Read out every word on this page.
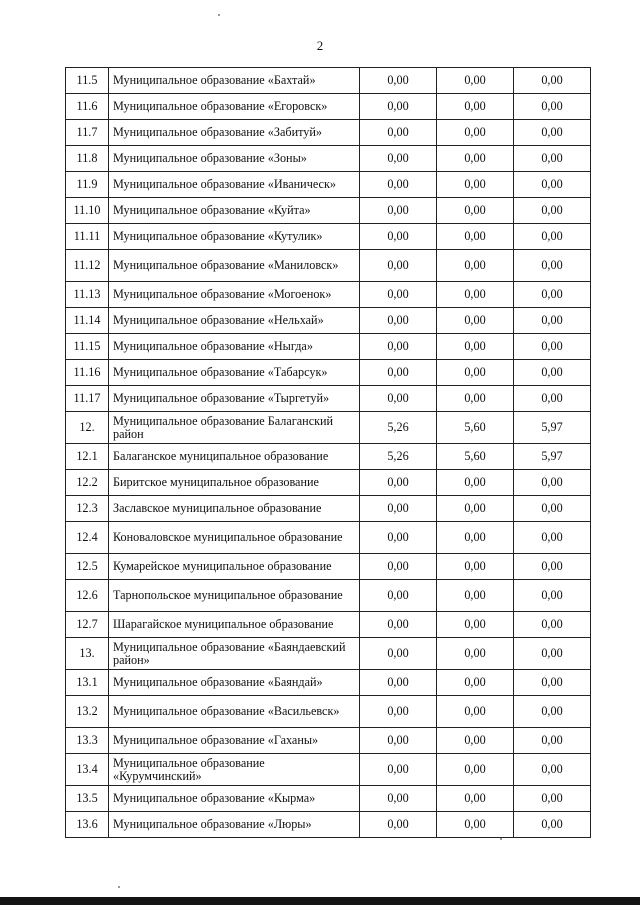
2
11.5	Муниципальное образование «Бахтай»	0,00	0,00	0,00
11.6	Муниципальное образование «Егоровск»	0,00	0,00	0,00
11.7	Муниципальное образование «Забитуй»	0,00	0,00	0,00
11.8	Муниципальное образование «Зоны»	0,00	0,00	0,00
11.9	Муниципальное образование «Иваническ»	0,00	0,00	0,00
11.10	Муниципальное образование «Куйта»	0,00	0,00	0,00
11.11	Муниципальное образование «Кутулик»	0,00	0,00	0,00
11.12	Муниципальное образование «Маниловск»	0,00	0,00	0,00
11.13	Муниципальное образование «Могоенок»	0,00	0,00	0,00
11.14	Муниципальное образование «Нельхай»	0,00	0,00	0,00
11.15	Муниципальное образование «Ныгда»	0,00	0,00	0,00
11.16	Муниципальное образование «Табарсук»	0,00	0,00	0,00
11.17	Муниципальное образование «Тыргетуй»	0,00	0,00	0,00
12.	Муниципальное образование Балаганский район	5,26	5,60	5,97
12.1	Балаганское муниципальное образование	5,26	5,60	5,97
12.2	Биритское муниципальное образование	0,00	0,00	0,00
12.3	Заславское муниципальное образование	0,00	0,00	0,00
12.4	Коноваловское муниципальное образование	0,00	0,00	0,00
12.5	Кумарейское муниципальное образование	0,00	0,00	0,00
12.6	Тарнопольское муниципальное образование	0,00	0,00	0,00
12.7	Шарагайское муниципальное образование	0,00	0,00	0,00
13.	Муниципальное образование «Баяндаевский район»	0,00	0,00	0,00
13.1	Муниципальное образование «Баяндай»	0,00	0,00	0,00
13.2	Муниципальное образование «Васильевск»	0,00	0,00	0,00
13.3	Муниципальное образование «Гаханы»	0,00	0,00	0,00
13.4	Муниципальное образование «Курумчинский»	0,00	0,00	0,00
13.5	Муниципальное образование «Кырма»	0,00	0,00	0,00
13.6	Муниципальное образование «Люры»	0,00	0,00	0,00
